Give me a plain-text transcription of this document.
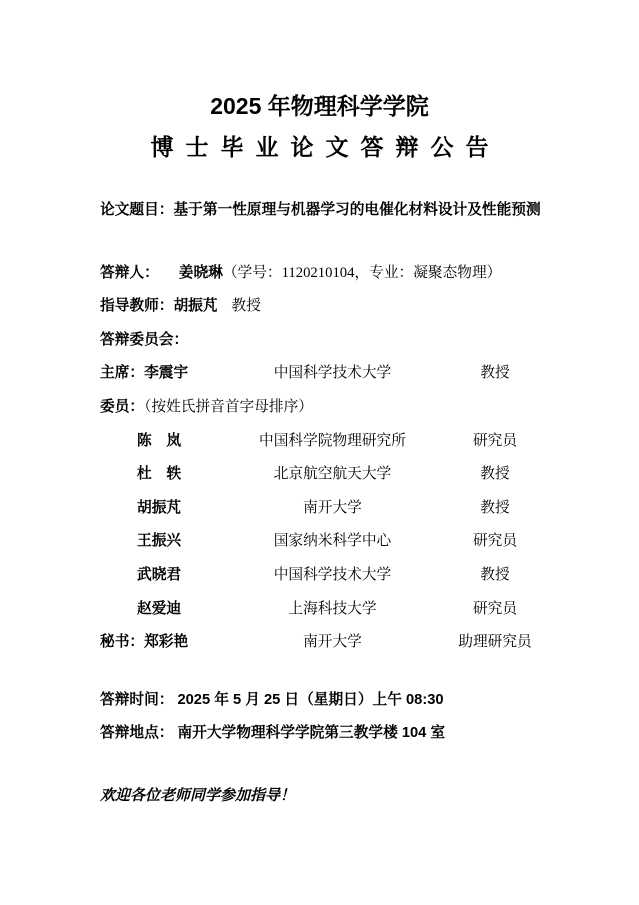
2025 年物理科学学院
博士毕业论文答辩公告
论文题目：基于第一性原理与机器学习的电催化材料设计及性能预测
答辩人： 姜晓琳（学号：1120210104，专业：凝聚态物理）
指导教师：胡振芃 教授
答辩委员会：
主席：李震宇	中国科学技术大学	教授
委员：（按姓氏拼音首字母排序）
陈　岚	中国科学院物理研究所	研究员
杜　轶	北京航空航天大学	教授
胡振芃	南开大学	教授
王振兴	国家纳米科学中心	研究员
武晓君	中国科学技术大学	教授
赵爱迪	上海科技大学	研究员
秘书：郑彩艳	南开大学	助理研究员
答辩时间： 2025 年 5 月 25 日（星期日）上午 08:30
答辩地点： 南开大学物理科学学院第三教学楼 104 室
欢迎各位老师同学参加指导！
